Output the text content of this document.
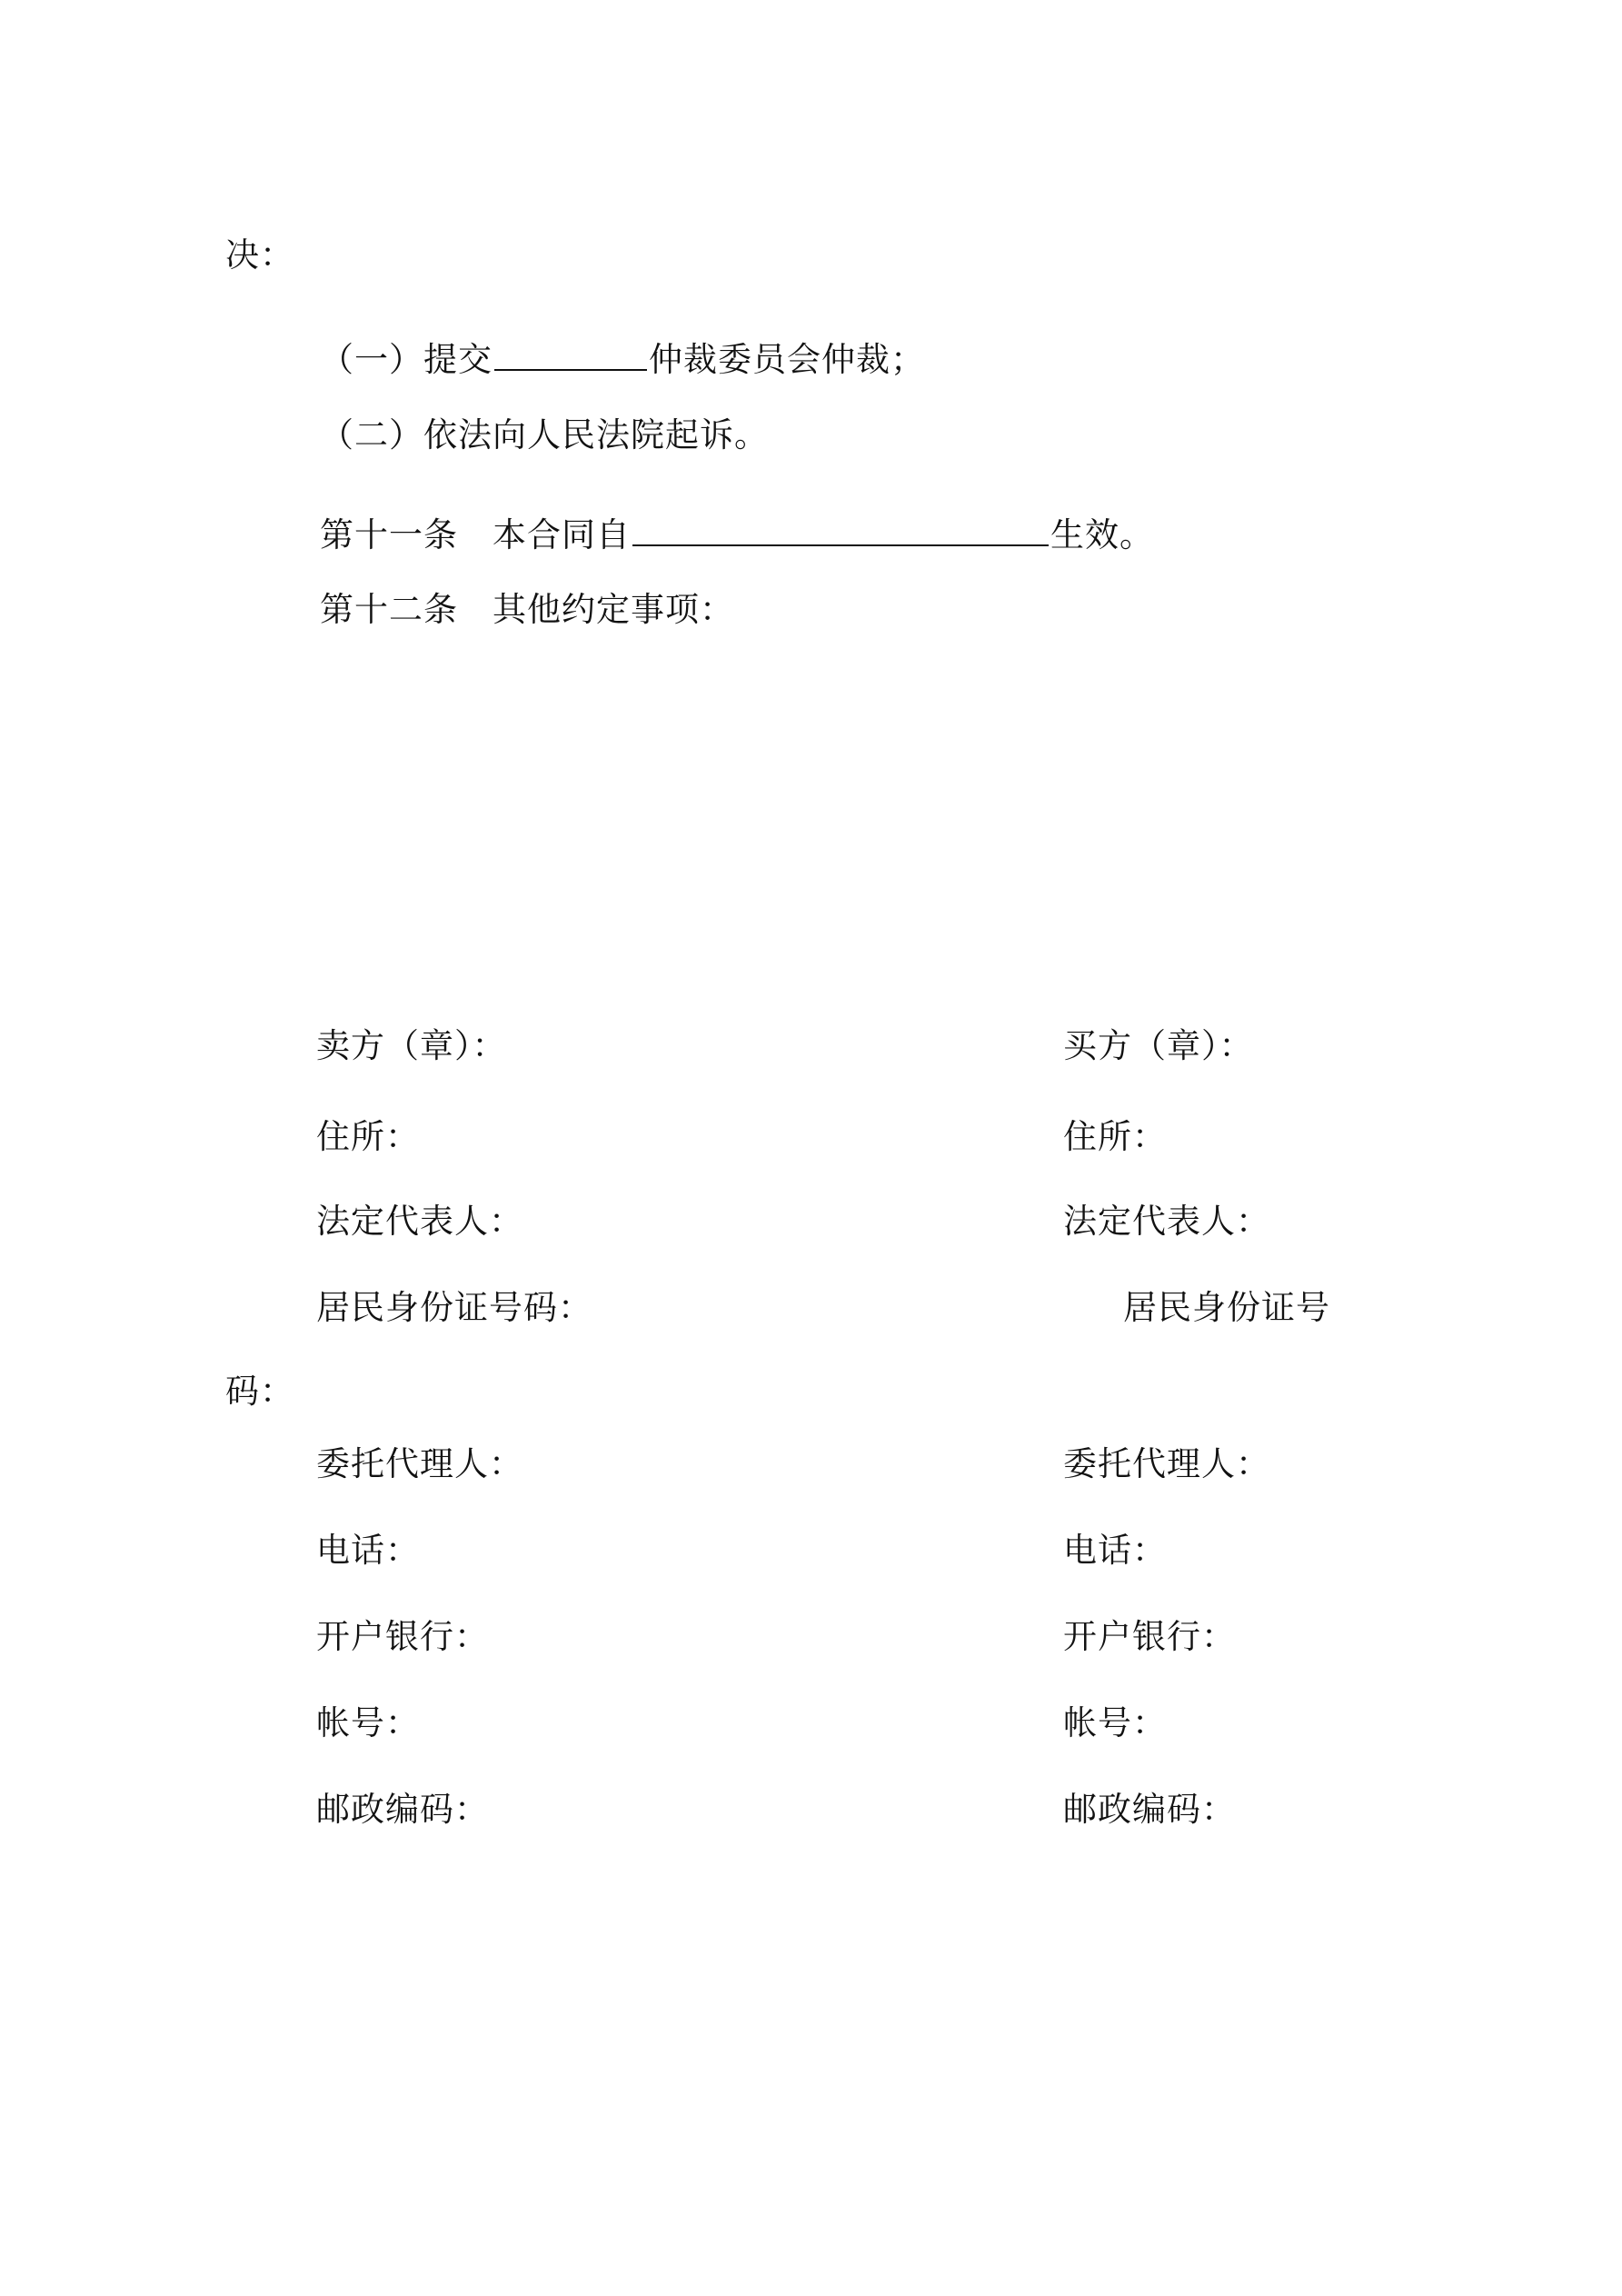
决：
（一）提交	仲裁委员会仲裁；
（二）依法向人民法院起诉。
第十一条　本合同自	生效。
第十二条　其他约定事项：
卖方（章）：
住所：
法定代表人：
居民身份证号码：
委托代理人：
电话：
开户银行：
帐号：
邮政编码：
买方（章）：
住所：
法定代表人：
居民身份证号
码：
委托代理人：
电话：
开户银行：
帐号：
邮政编码：
